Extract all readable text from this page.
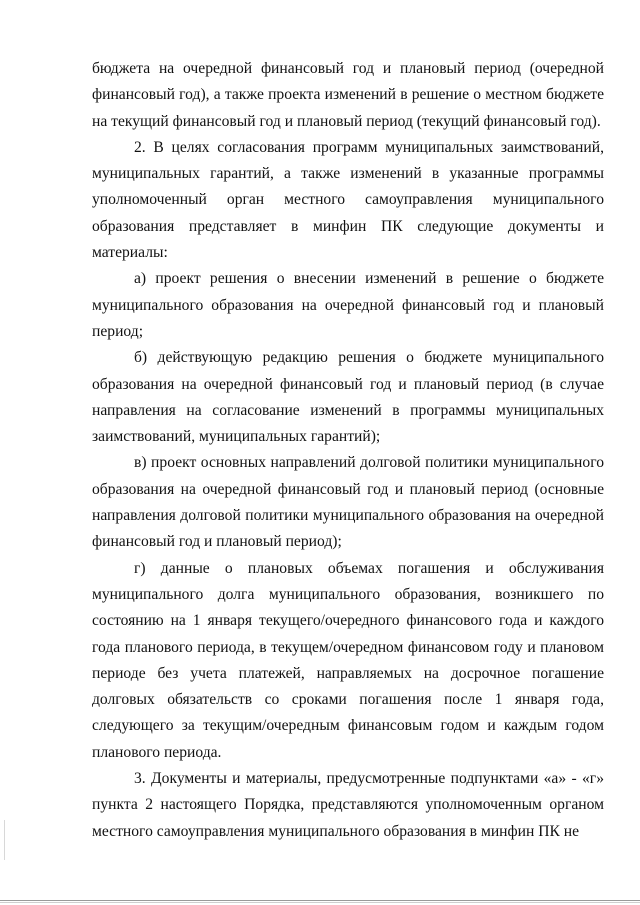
бюджета на очередной финансовый год и плановый период (очередной финансовый год), а также проекта изменений в решение о местном бюджете на текущий финансовый год и плановый период (текущий финансовый год).

2. В целях согласования программ муниципальных заимствований, муниципальных гарантий, а также изменений в указанные программы уполномоченный орган местного самоуправления муниципального образования представляет в минфин ПК следующие документы и материалы:

а) проект решения о внесении изменений в решение о бюджете муниципального образования на очередной финансовый год и плановый период;

б) действующую редакцию решения о бюджете муниципального образования на очередной финансовый год и плановый период (в случае направления на согласование изменений в программы муниципальных заимствований, муниципальных гарантий);

в) проект основных направлений долговой политики муниципального образования на очередной финансовый год и плановый период (основные направления долговой политики муниципального образования на очередной финансовый год и плановый период);

г) данные о плановых объемах погашения и обслуживания муниципального долга муниципального образования, возникшего по состоянию на 1 января текущего/очередного финансового года и каждого года планового периода, в текущем/очередном финансовом году и плановом периоде без учета платежей, направляемых на досрочное погашение долговых обязательств со сроками погашения после 1 января года, следующего за текущим/очередным финансовым годом и каждым годом планового периода.

3. Документы и материалы, предусмотренные подпунктами «а» - «г» пункта 2 настоящего Порядка, представляются уполномоченным органом местного самоуправления муниципального образования в минфин ПК не
